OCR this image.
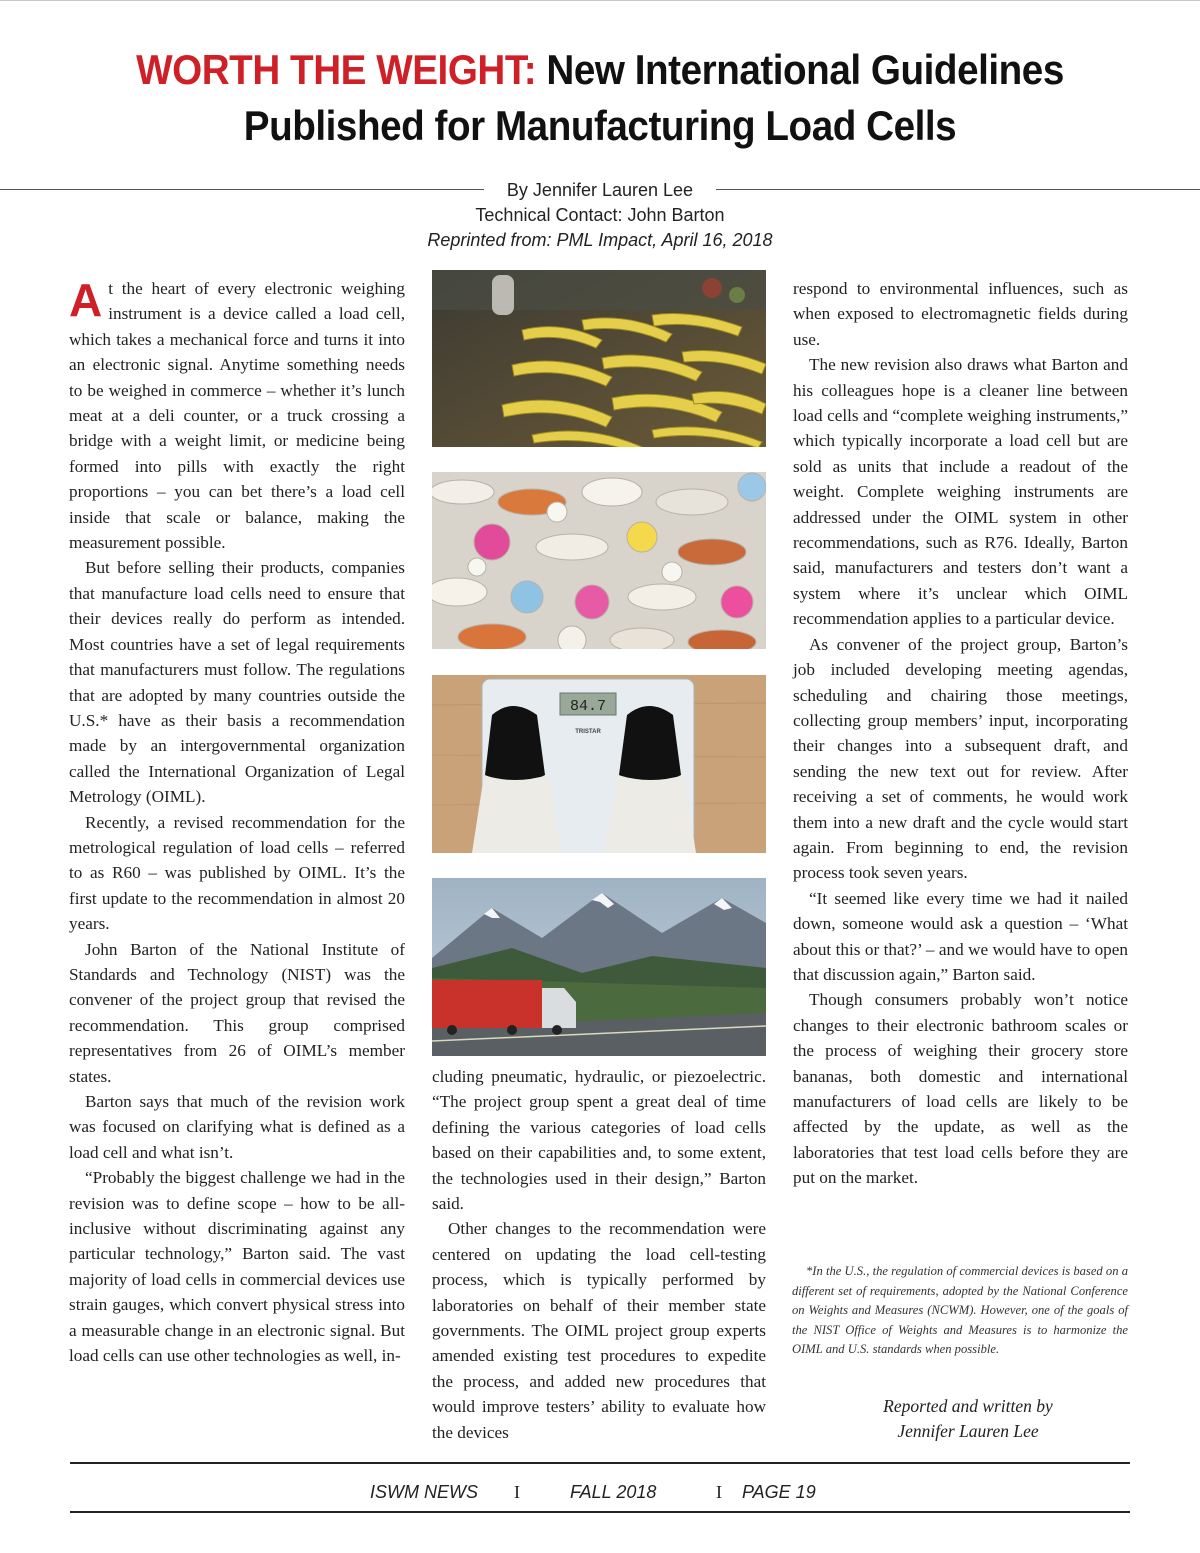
WORTH THE WEIGHT: New International Guidelines
Published for Manufacturing Load Cells
By Jennifer Lauren Lee
Technical Contact: John Barton
Reprinted from: PML Impact, April 16, 2018

At the heart of every electronic weighing instrument is a device called a load cell, which takes a mechanical force and turns it into an electronic signal. Anytime something needs to be weighed in commerce – whether it’s lunch meat at a deli counter, or a truck crossing a bridge with a weight limit, or medicine being formed into pills with exactly the right proportions – you can bet there’s a load cell inside that scale or balance, making the measurement possible.

But before selling their products, companies that manufacture load cells need to ensure that their devices really do perform as intended. Most countries have a set of legal requirements that manufacturers must follow. The regulations that are adopted by many countries outside the U.S.* have as their basis a recommendation made by an intergovernmental organization called the International Organization of Legal Metrology (OIML).

Recently, a revised recommendation for the metrological regulation of load cells – referred to as R60 – was published by OIML. It’s the first update to the recommendation in almost 20 years.

John Barton of the National Institute of Standards and Technology (NIST) was the convener of the project group that revised the recommendation. This group comprised representatives from 26 of OIML’s member states.

Barton says that much of the revision work was focused on clarifying what is defined as a load cell and what isn’t.

“Probably the biggest challenge we had in the revision was to define scope – how to be all-inclusive without discriminating against any particular technology,” Barton said. The vast majority of load cells in commercial devices use strain gauges, which convert physical stress into a measurable change in an electronic signal. But load cells can use other technologies as well, in-

84.7
TRISTAR

cluding pneumatic, hydraulic, or piezoelectric. “The project group spent a great deal of time defining the various categories of load cells based on their capabilities and, to some extent, the technologies used in their design,” Barton said.

Other changes to the recommendation were centered on updating the load cell-testing process, which is typically performed by laboratories on behalf of their member state governments. The OIML project group experts amended existing test procedures to expedite the process, and added new procedures that would improve testers’ ability to evaluate how the devices

respond to environmental influences, such as when exposed to electromagnetic fields during use.

The new revision also draws what Barton and his colleagues hope is a cleaner line between load cells and “complete weighing instruments,” which typically incorporate a load cell but are sold as units that include a readout of the weight. Complete weighing instruments are addressed under the OIML system in other recommendations, such as R76. Ideally, Barton said, manufacturers and testers don’t want a system where it’s unclear which OIML recommendation applies to a particular device.

As convener of the project group, Barton’s job included developing meeting agendas, scheduling and chairing those meetings, collecting group members’ input, incorporating their changes into a subsequent draft, and sending the new text out for review. After receiving a set of comments, he would work them into a new draft and the cycle would start again. From beginning to end, the revision process took seven years.

“It seemed like every time we had it nailed down, someone would ask a question – ‘What about this or that?’ – and we would have to open that discussion again,” Barton said.

Though consumers probably won’t notice changes to their electronic bathroom scales or the process of weighing their grocery store bananas, both domestic and international manufacturers of load cells are likely to be affected by the update, as well as the laboratories that test load cells before they are put on the market.

*In the U.S., the regulation of commercial devices is based on a different set of requirements, adopted by the National Conference on Weights and Measures (NCWM). However, one of the goals of the NIST Office of Weights and Measures is to harmonize the OIML and U.S. standards when possible.
Reported and written by
Jennifer Lauren Lee
ISWM NEWS I	FALL 2018	I PAGE 19
